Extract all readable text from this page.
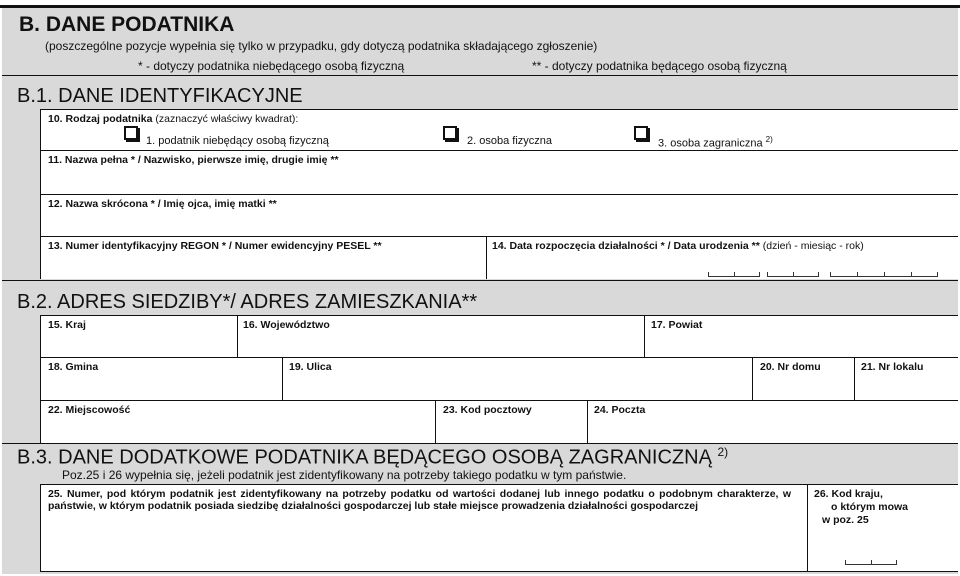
B. DANE PODATNIKA
(poszczególne pozycje wypełnia się tylko w przypadku, gdy dotyczą podatnika składającego zgłoszenie)
* - dotyczy podatnika niebędącego osobą fizyczną	** - dotyczy podatnika będącego osobą fizyczną
B.1. DANE IDENTYFIKACYJNE
10. Rodzaj podatnika (zaznaczyć właściwy kwadrat):
1. podatnik niebędący osobą fizyczną	2. osoba fizyczna	3. osoba zagraniczna $^{2)}$
11. Nazwa pełna * / Nazwisko, pierwsze imię, drugie imię **
12. Nazwa skrócona * / Imię ojca, imię matki **
13. Numer identyfikacyjny REGON * / Numer ewidencyjny PESEL **	14. Data rozpoczęcia działalności * / Data urodzenia ** (dzień - miesiąc - rok)
B.2. ADRES SIEDZIBY*/ ADRES ZAMIESZKANIA**
15. Kraj	16. Województwo	17. Powiat
18. Gmina	19. Ulica	20. Nr domu	21. Nr lokalu
22. Miejscowość	23. Kod pocztowy	24. Poczta
B.3. DANE DODATKOWE PODATNIKA BĘDĄCEGO OSOBĄ ZAGRANICZNĄ $^{2)}$
Poz.25 i 26 wypełnia się, jeżeli podatnik jest zidentyfikowany na potrzeby takiego podatku w tym państwie.
25. Numer, pod którym podatnik jest zidentyfikowany na potrzeby podatku od wartości dodanej lub innego podatku o podobnym charakterze, w państwie, w którym podatnik posiada siedzibę działalności gospodarczej lub stałe miejsce prowadzenia działalności gospodarczej
26. Kod kraju,
o którym mowa
w poz. 25
